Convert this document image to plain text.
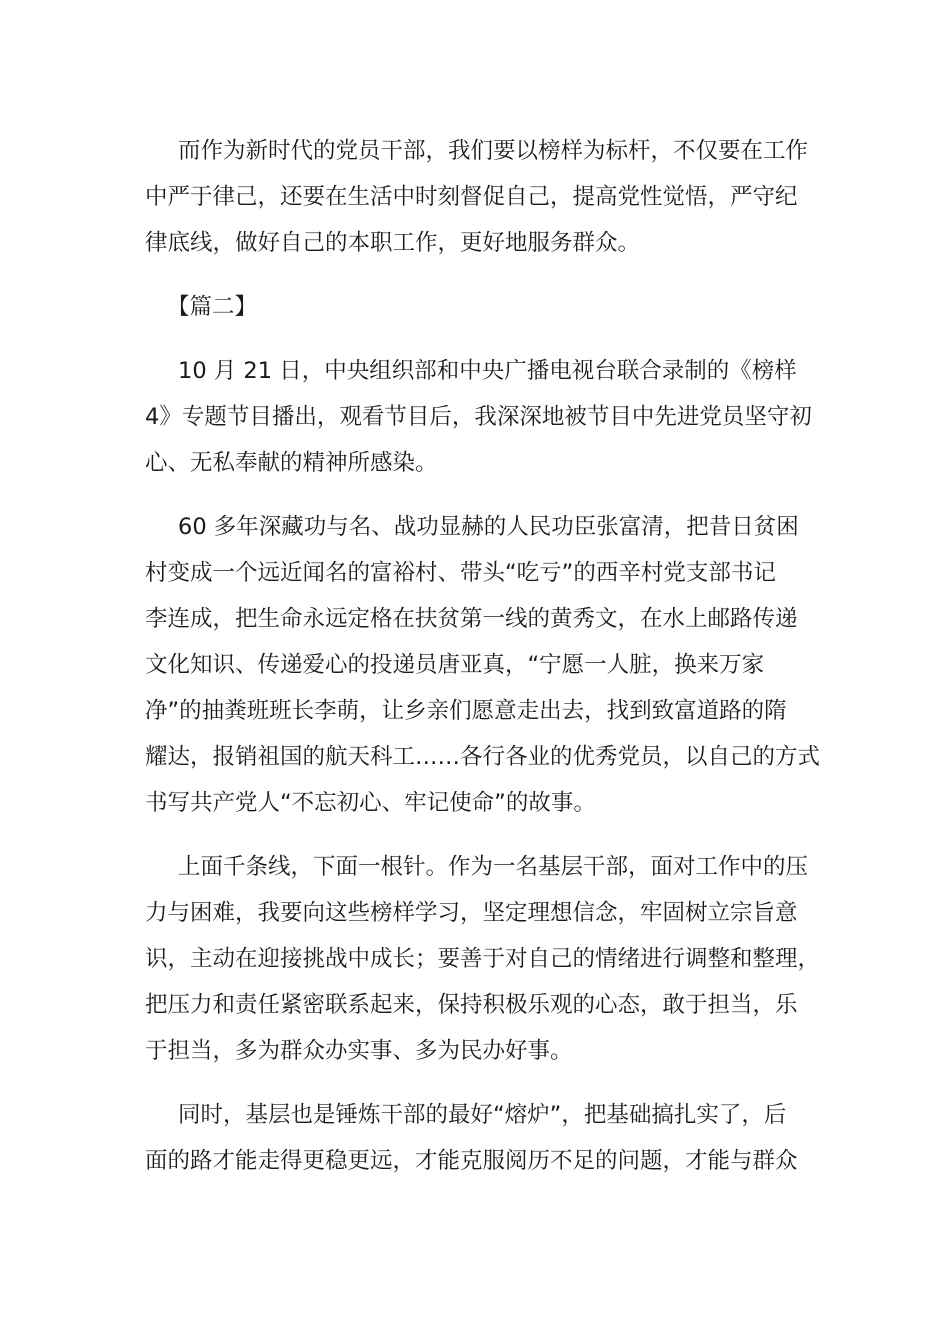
而作为新时代的党员干部，我们要以榜样为标杆，不仅要在工作
中严于律己，还要在生活中时刻督促自己，提高党性觉悟，严守纪
律底线，做好自己的本职工作，更好地服务群众。

【篇二】

10 月 21 日，中央组织部和中央广播电视台联合录制的《榜样
4》专题节目播出，观看节目后，我深深地被节目中先进党员坚守初
心、无私奉献的精神所感染。

60 多年深藏功与名、战功显赫的人民功臣张富清，把昔日贫困
村变成一个远近闻名的富裕村、带头“吃亏”的西辛村党支部书记
李连成，把生命永远定格在扶贫第一线的黄秀文，在水上邮路传递
文化知识、传递爱心的投递员唐亚真，“宁愿一人脏，换来万家
净”的抽粪班班长李萌，让乡亲们愿意走出去，找到致富道路的隋
耀达，报销祖国的航天科工……各行各业的优秀党员，以自己的方式
书写共产党人“不忘初心、牢记使命”的故事。

上面千条线，下面一根针。作为一名基层干部，面对工作中的压
力与困难，我要向这些榜样学习，坚定理想信念，牢固树立宗旨意
识，主动在迎接挑战中成长；要善于对自己的情绪进行调整和整理，
把压力和责任紧密联系起来，保持积极乐观的心态，敢于担当，乐
于担当，多为群众办实事、多为民办好事。

同时，基层也是锤炼干部的最好“熔炉”，把基础搞扎实了，后
面的路才能走得更稳更远，才能克服阅历不足的问题，才能与群众
